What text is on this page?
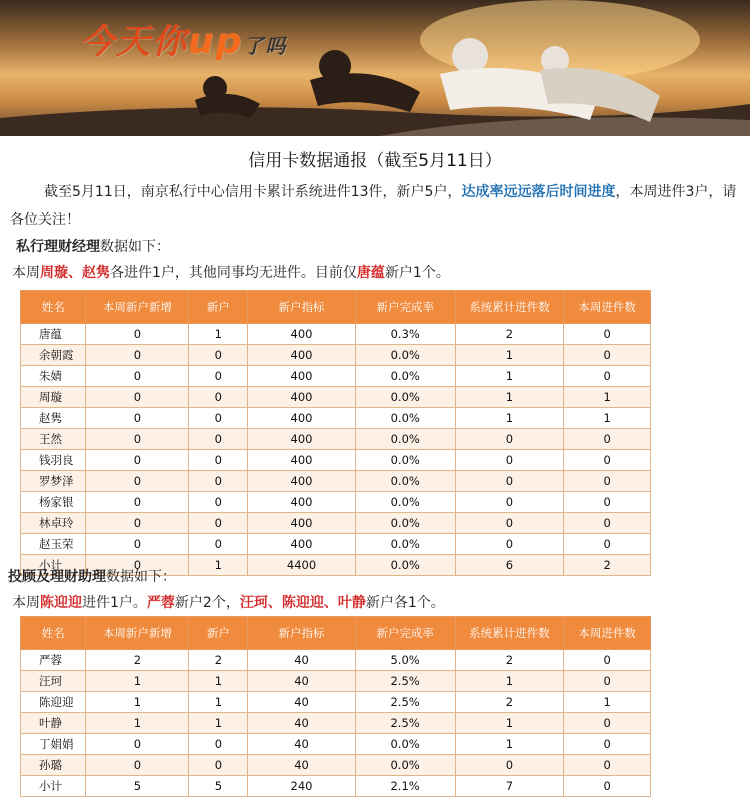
今天你up了吗
信用卡数据通报（截至5月11日）
截至5月11日，南京私行中心信用卡累计系统进件13件，新户5户，达成率远远落后时间进度，本周进件3户，请各位关注！
私行理财经理数据如下：
本周周璇、赵隽各进件1户，其他同事均无进件。目前仅唐蕴新户1个。
姓名	本周新户新增	新户	新户指标	新户完成率	系统累计进件数	本周进件数
唐蕴	0	1	400	0.3%	2	0
余朝霞	0	0	400	0.0%	1	0
朱婧	0	0	400	0.0%	1	0
周璇	0	0	400	0.0%	1	1
赵隽	0	0	400	0.0%	1	1
王然	0	0	400	0.0%	0	0
钱羽良	0	0	400	0.0%	0	0
罗梦泽	0	0	400	0.0%	0	0
杨家银	0	0	400	0.0%	0	0
林卓玲	0	0	400	0.0%	0	0
赵玉荣	0	0	400	0.0%	0	0
小计	0	1	4400	0.0%	6	2
投顾及理财助理数据如下：
本周陈迎迎进件1户。严蓉新户2个，汪珂、陈迎迎、叶静新户各1个。
姓名	本周新户新增	新户	新户指标	新户完成率	系统累计进件数	本周进件数
严蓉	2	2	40	5.0%	2	0
汪珂	1	1	40	2.5%	1	0
陈迎迎	1	1	40	2.5%	2	1
叶静	1	1	40	2.5%	1	0
丁娟娟	0	0	40	0.0%	1	0
孙璐	0	0	40	0.0%	0	0
小计	5	5	240	2.1%	7	0
